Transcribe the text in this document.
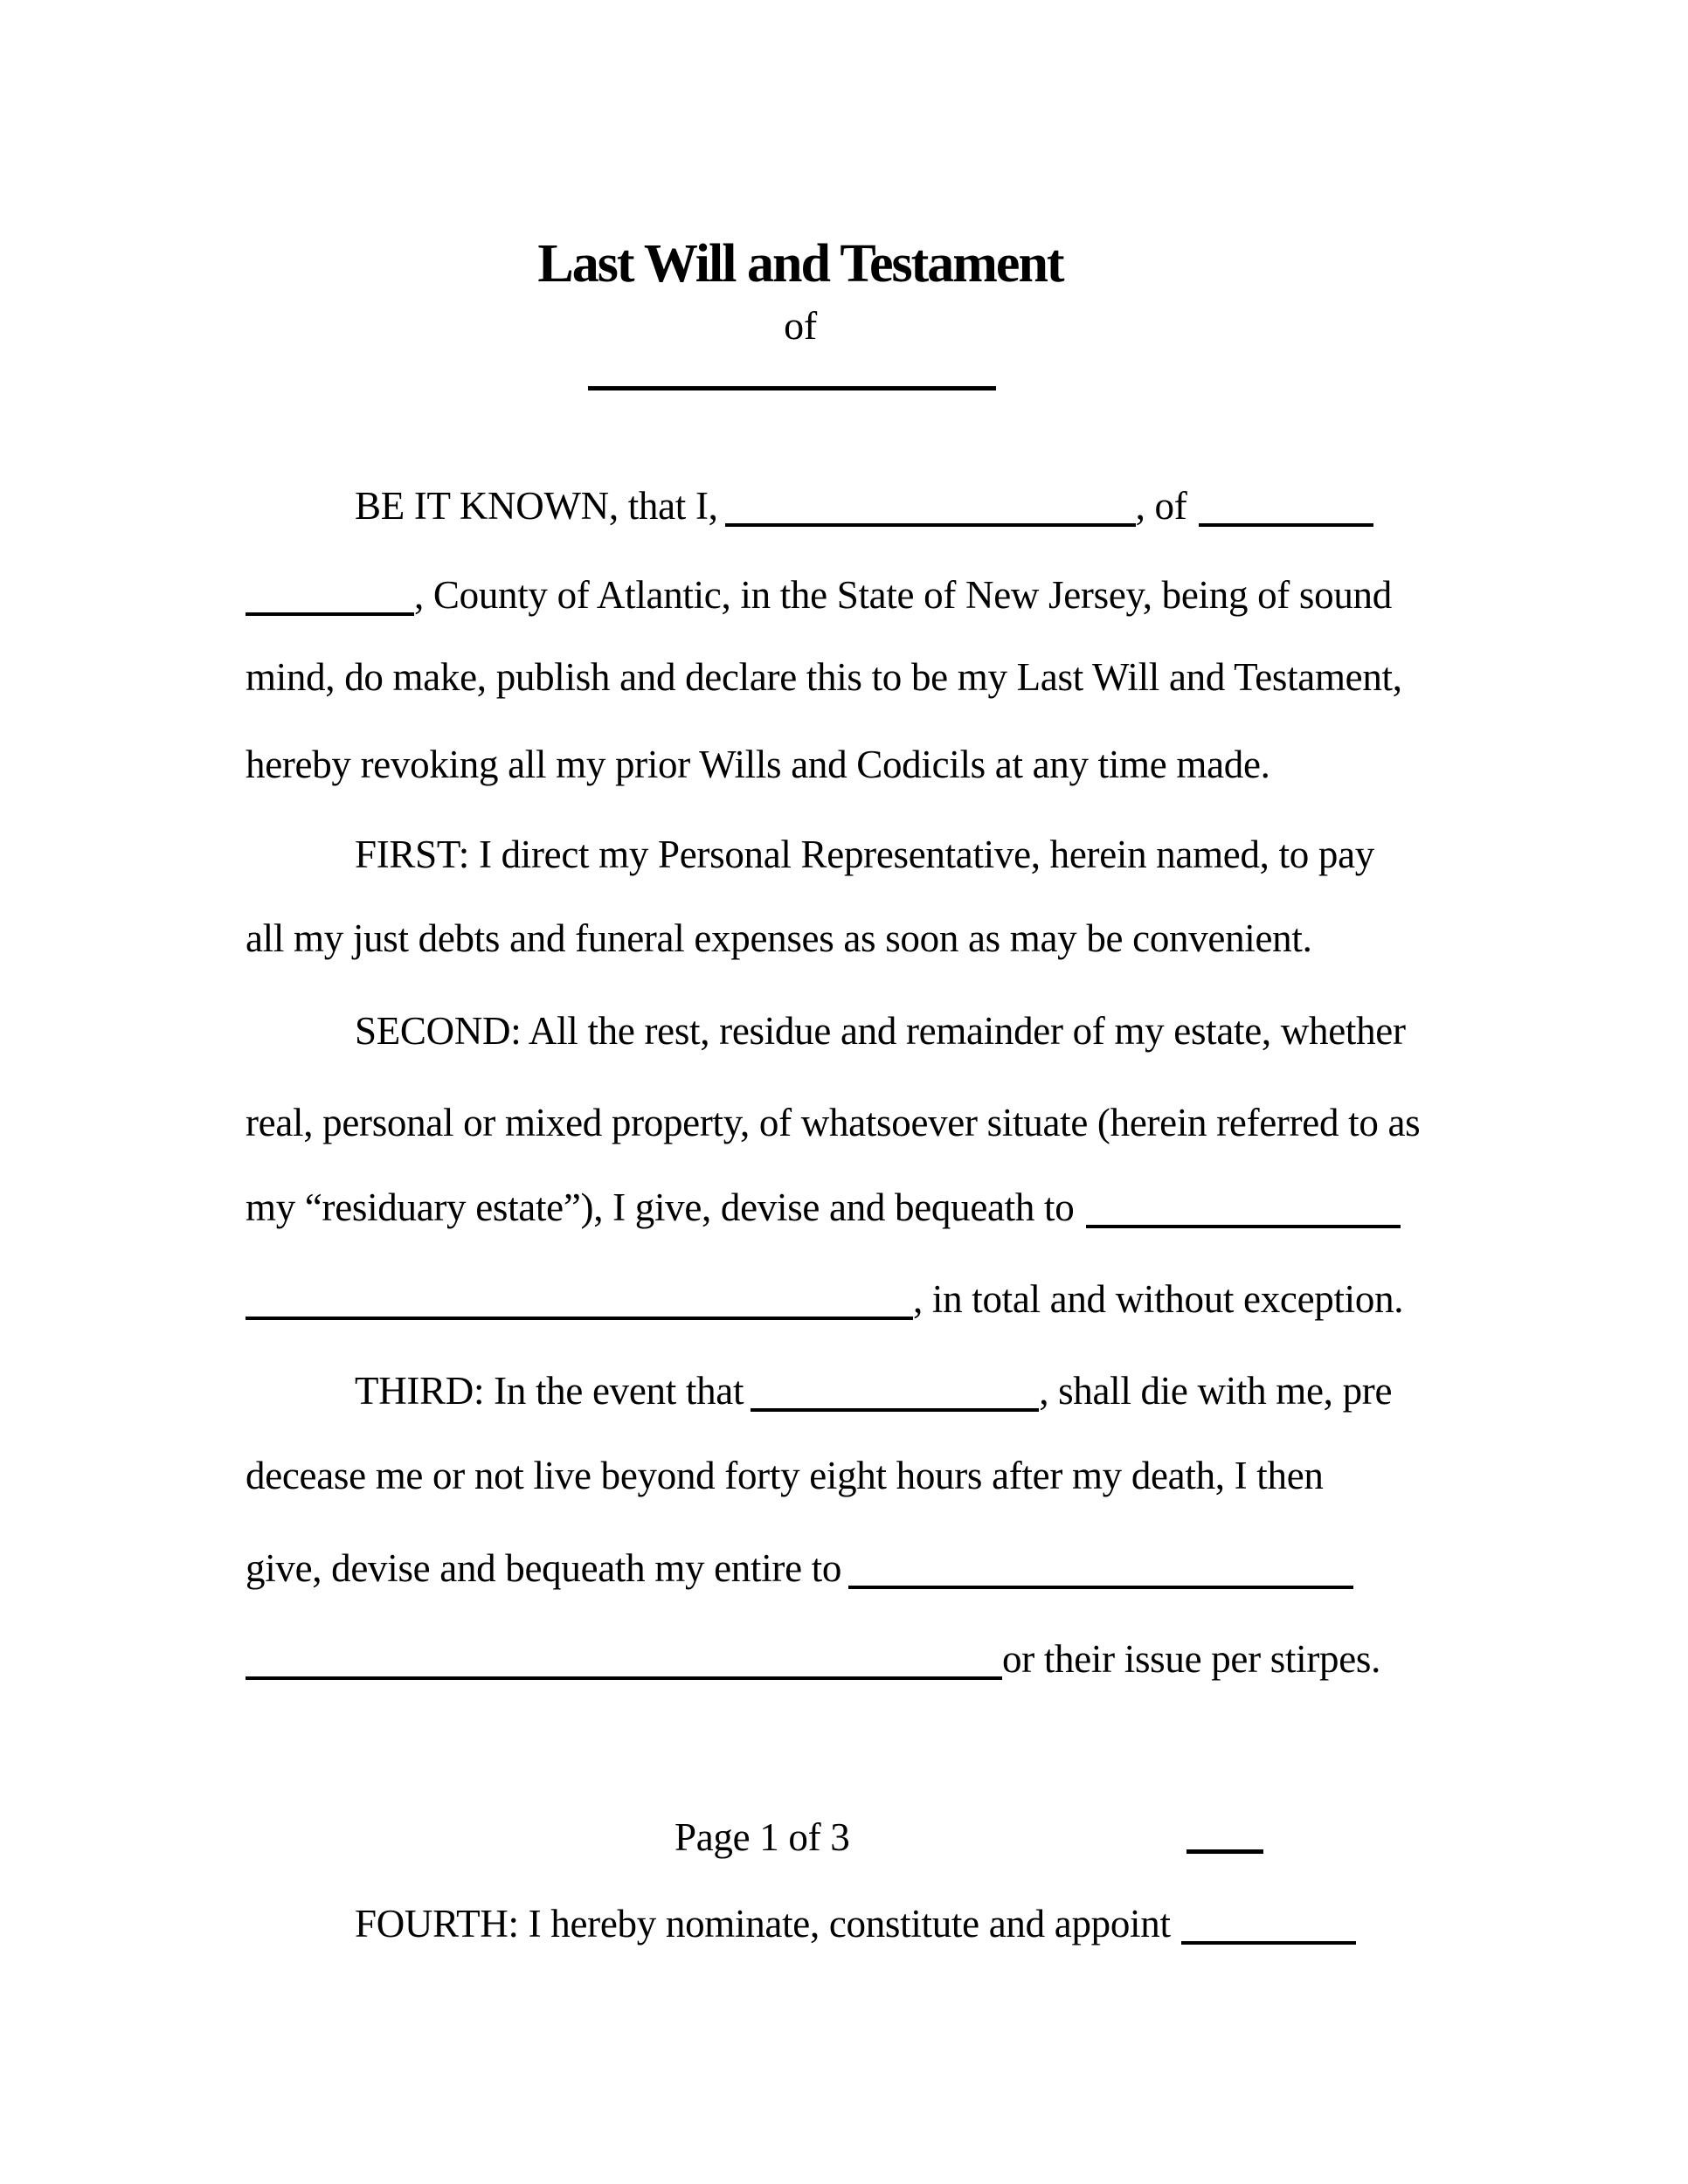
Last Will and Testament
of
BE IT KNOWN, that I,	, of
, County of Atlantic, in the State of New Jersey, being of sound
mind, do make, publish and declare this to be my Last Will and Testament,
hereby revoking all my prior Wills and Codicils at any time made.
FIRST: I direct my Personal Representative, herein named, to pay
all my just debts and funeral expenses as soon as may be convenient.
SECOND: All the rest, residue and remainder of my estate, whether
real, personal or mixed property, of whatsoever situate (herein referred to as
my “residuary estate”), I give, devise and bequeath to
, in total and without exception.
THIRD: In the event that	, shall die with me, pre
decease me or not live beyond forty eight hours after my death, I then
give, devise and bequeath my entire to
or their issue per stirpes.
Page 1 of 3
FOURTH: I hereby nominate, constitute and appoint
